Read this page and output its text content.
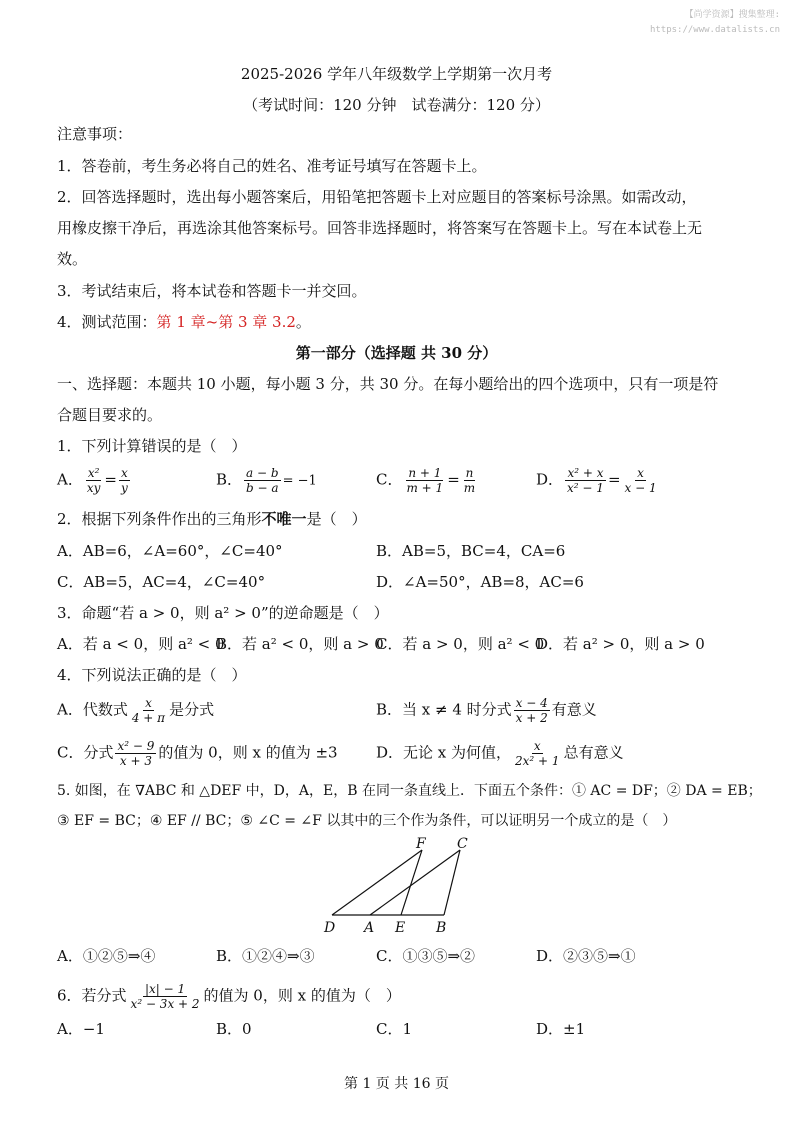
【尚学资源】搜集整理:
https://www.datalists.cn
2025-2026 学年八年级数学上学期第一次月考
（考试时间：120 分钟　试卷满分：120 分）
注意事项：
1．答卷前，考生务必将自己的姓名、准考证号填写在答题卡上。
2．回答选择题时，选出每小题答案后，用铅笔把答题卡上对应题目的答案标号涂黑。如需改动，
用橡皮擦干净后，再选涂其他答案标号。回答非选择题时，将答案写在答题卡上。写在本试卷上无
效。
3．考试结束后，将本试卷和答题卡一并交回。
4．测试范围：第 1 章~第 3 章 3.2。
第一部分（选择题 共 30 分）
一、选择题：本题共 10 小题，每小题 3 分，共 30 分。在每小题给出的四个选项中，只有一项是符
合题目要求的。
1．下列计算错误的是（　）
A． $\frac{\text{x²}}{xy} = \frac{x}{y}$	B． $\frac{a - b}{b - a} = -1$	C． $\frac{n + 1}{m + 1} = \frac{n}{m}$	D． $\frac{\text{x² + x}}{\text{x² − 1}} = \frac{x}{x - 1}$
2．根据下列条件作出的三角形不唯一是（　）
A．AB=6，∠A=60°，∠C=40°	B．AB=5，BC=4，CA=6
C．AB=5，AC=4，∠C=40°	D．∠A=50°，AB=8，AC=6
3．命题“若 a > 0，则 a² > 0”的逆命题是（　）
A．若 a < 0，则 a² < 0
B．若 a² < 0，则 a > 0
C．若 a > 0，则 a² < 0
D．若 a² > 0，则 a > 0
4．下列说法正确的是（　）
A．代数式 $\frac{x}{4 + \pi}$ 是分式	B．当 x ≠ 4 时分式 $\frac{x - 4}{x + 2}$ 有意义
C．分式 $\frac{\text{x² − 9}}{x + 3}$ 的值为 0，则 x 的值为 ±3	D．无论 x 为何值， $\frac{x}{\text{2x² + 1}}$ 总有意义
5. 如图，在 ∇ABC 和 △DEF 中，D，A，E，B 在同一条直线上．下面五个条件：① AC = DF；② DA = EB；
③ EF = BC；④ EF // BC；⑤ ∠C = ∠F 以其中的三个作为条件，可以证明另一个成立的是（　）
F C
D A E B
A．①②⑤⇒④	B．①②④⇒③	C．①③⑤⇒②	D．②③⑤⇒①
6．若分式 $\frac{|x| - 1}{\text{x² − 3x + 2}}$ 的值为 0，则 x 的值为（　）
A．−1	B．0	C．1	D．±1
第 1 页 共 16 页
